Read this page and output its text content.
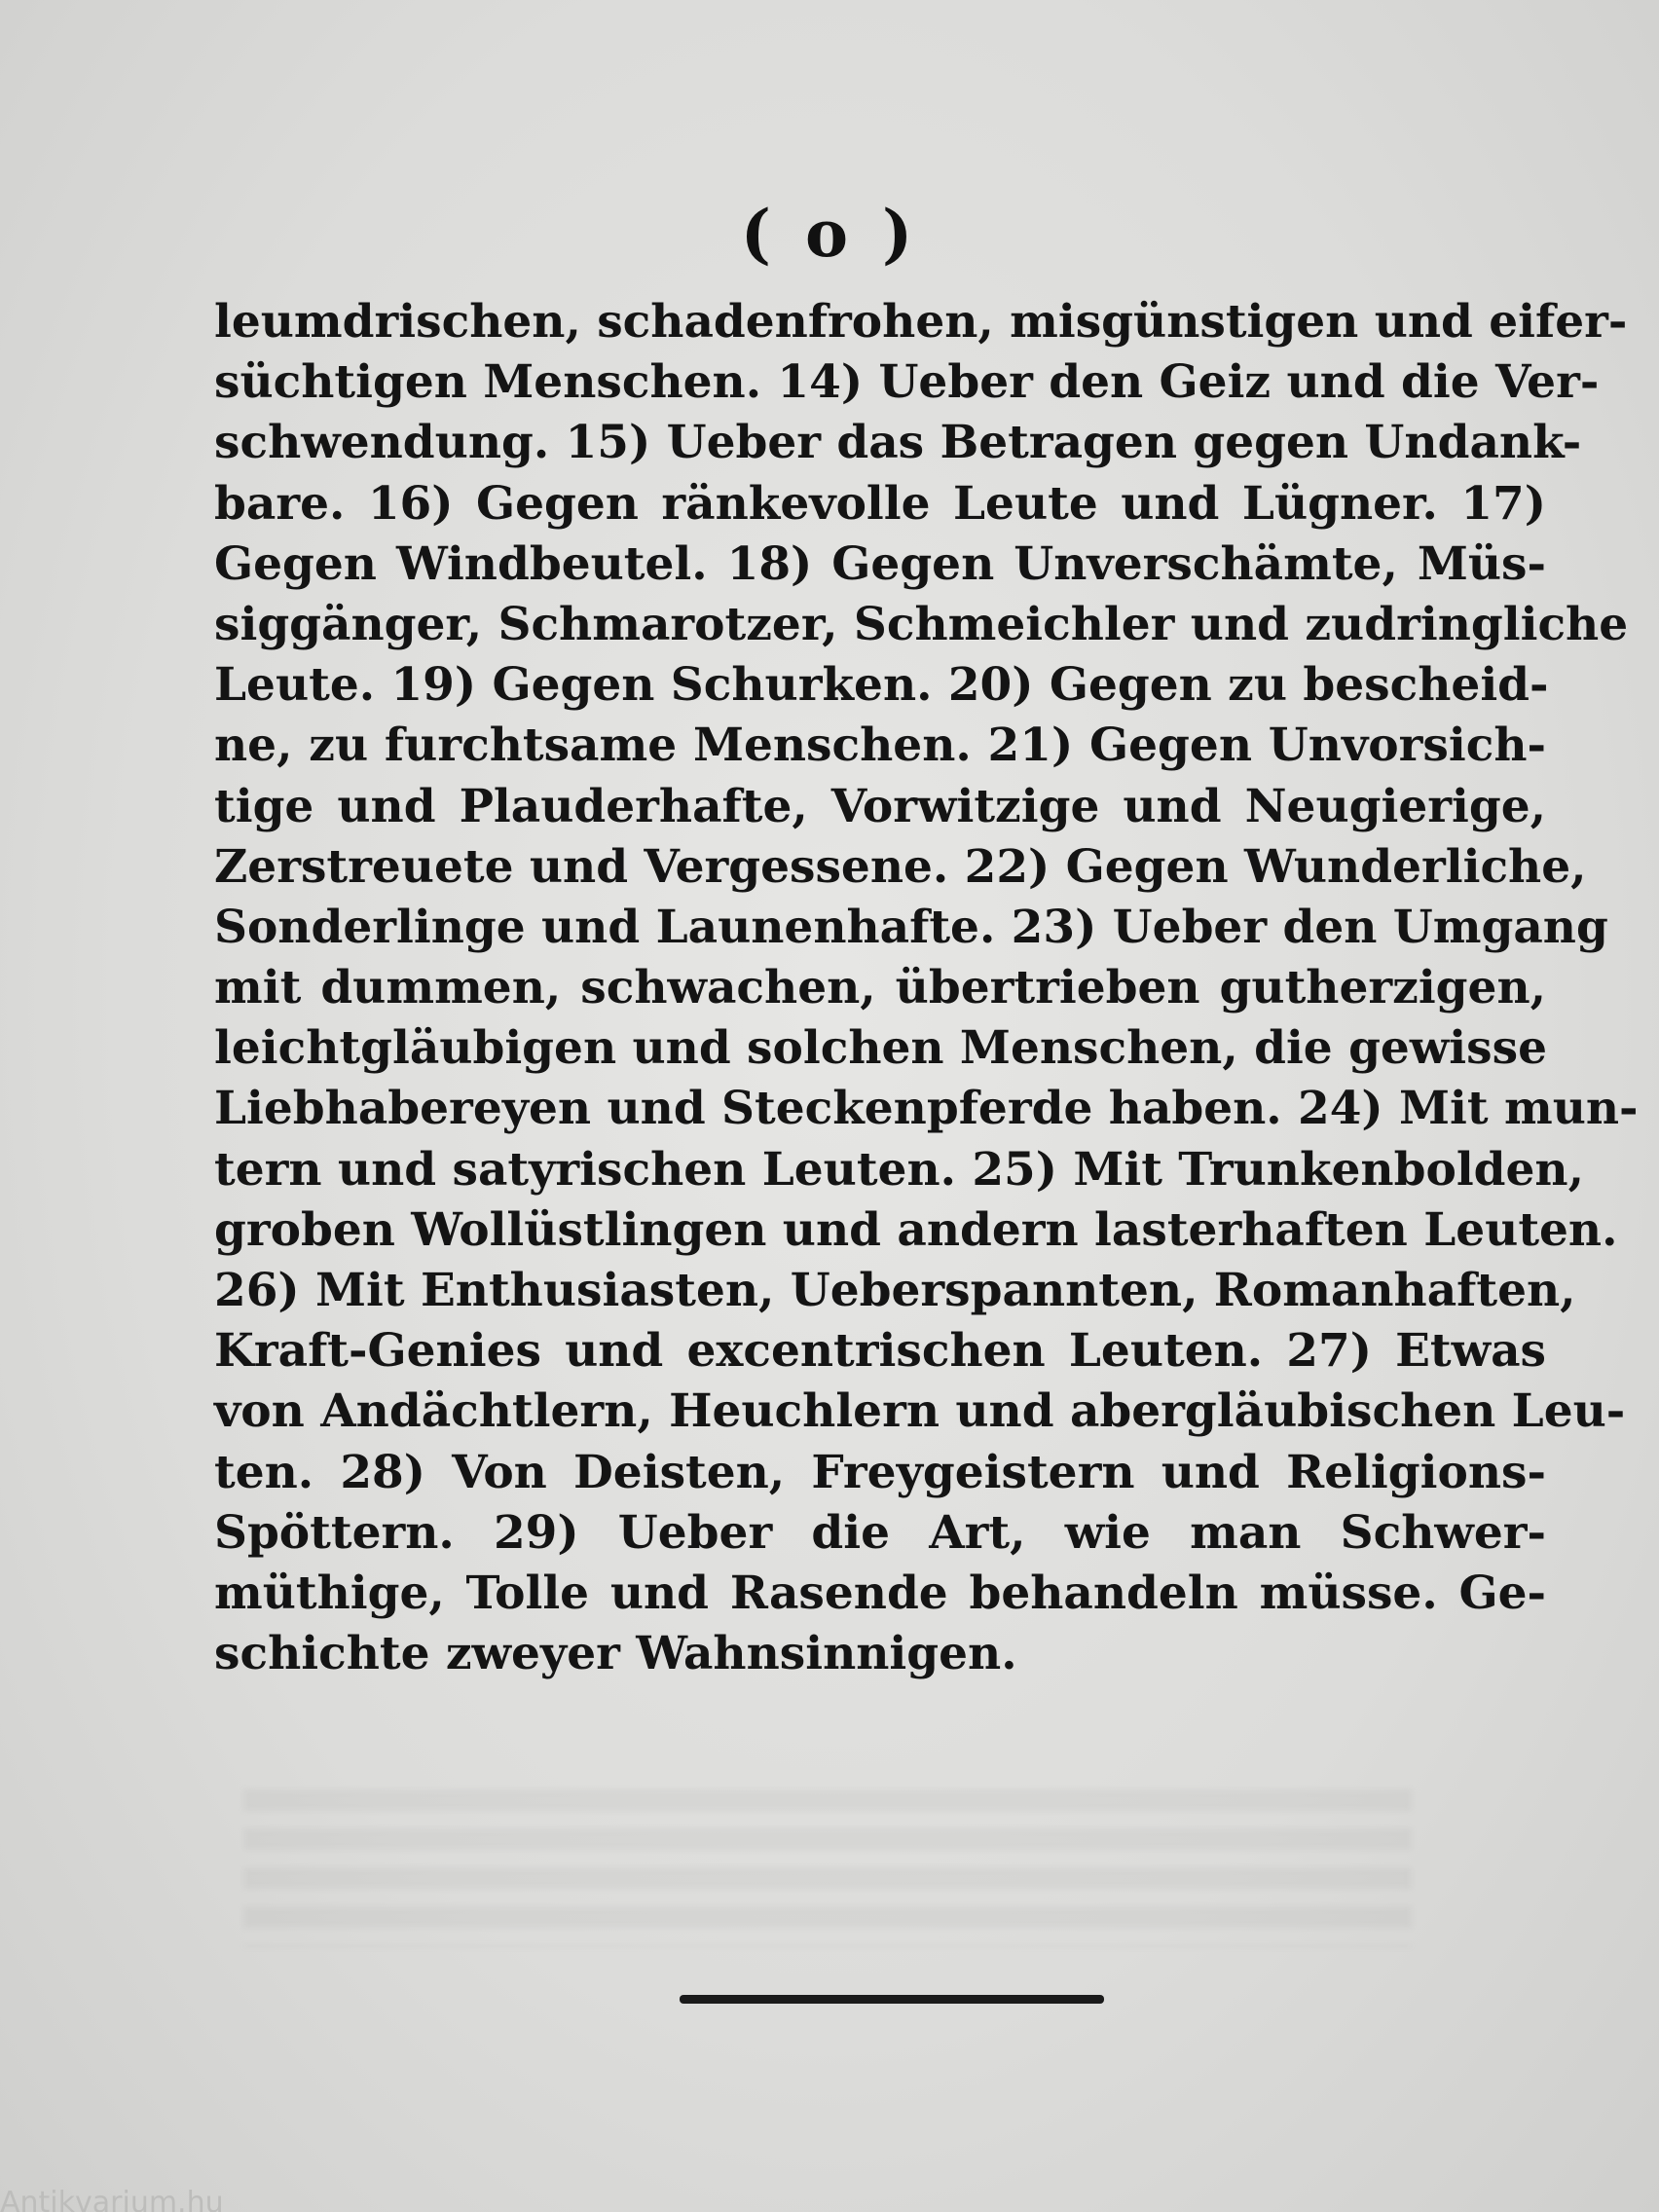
( o )
leumdrischen, schadenfrohen, misgünstigen und eifer-
süchtigen Menschen. 14) Ueber den Geiz und die Ver-
schwendung. 15) Ueber das Betragen gegen Undank-
bare. 16) Gegen ränkevolle Leute und Lügner. 17)
Gegen Windbeutel. 18) Gegen Unverschämte, Müs-
siggänger, Schmarotzer, Schmeichler und zudringliche
Leute. 19) Gegen Schurken. 20) Gegen zu bescheid-
ne, zu furchtsame Menschen. 21) Gegen Unvorsich-
tige und Plauderhafte, Vorwitzige und Neugierige,
Zerstreuete und Vergessene. 22) Gegen Wunderliche,
Sonderlinge und Launenhafte. 23) Ueber den Umgang
mit dummen, schwachen, übertrieben gutherzigen,
leichtgläubigen und solchen Menschen, die gewisse
Liebhabereyen und Steckenpferde haben. 24) Mit mun-
tern und satyrischen Leuten. 25) Mit Trunkenbolden,
groben Wollüstlingen und andern lasterhaften Leuten.
26) Mit Enthusiasten, Ueberspannten, Romanhaften,
Kraft-Genies und excentrischen Leuten. 27) Etwas
von Andächtlern, Heuchlern und abergläubischen Leu-
ten. 28) Von Deisten, Freygeistern und Religions-
Spöttern. 29) Ueber die Art, wie man Schwer-
müthige, Tolle und Rasende behandeln müsse. Ge-
schichte zweyer Wahnsinnigen.
Antikvarium.hu
